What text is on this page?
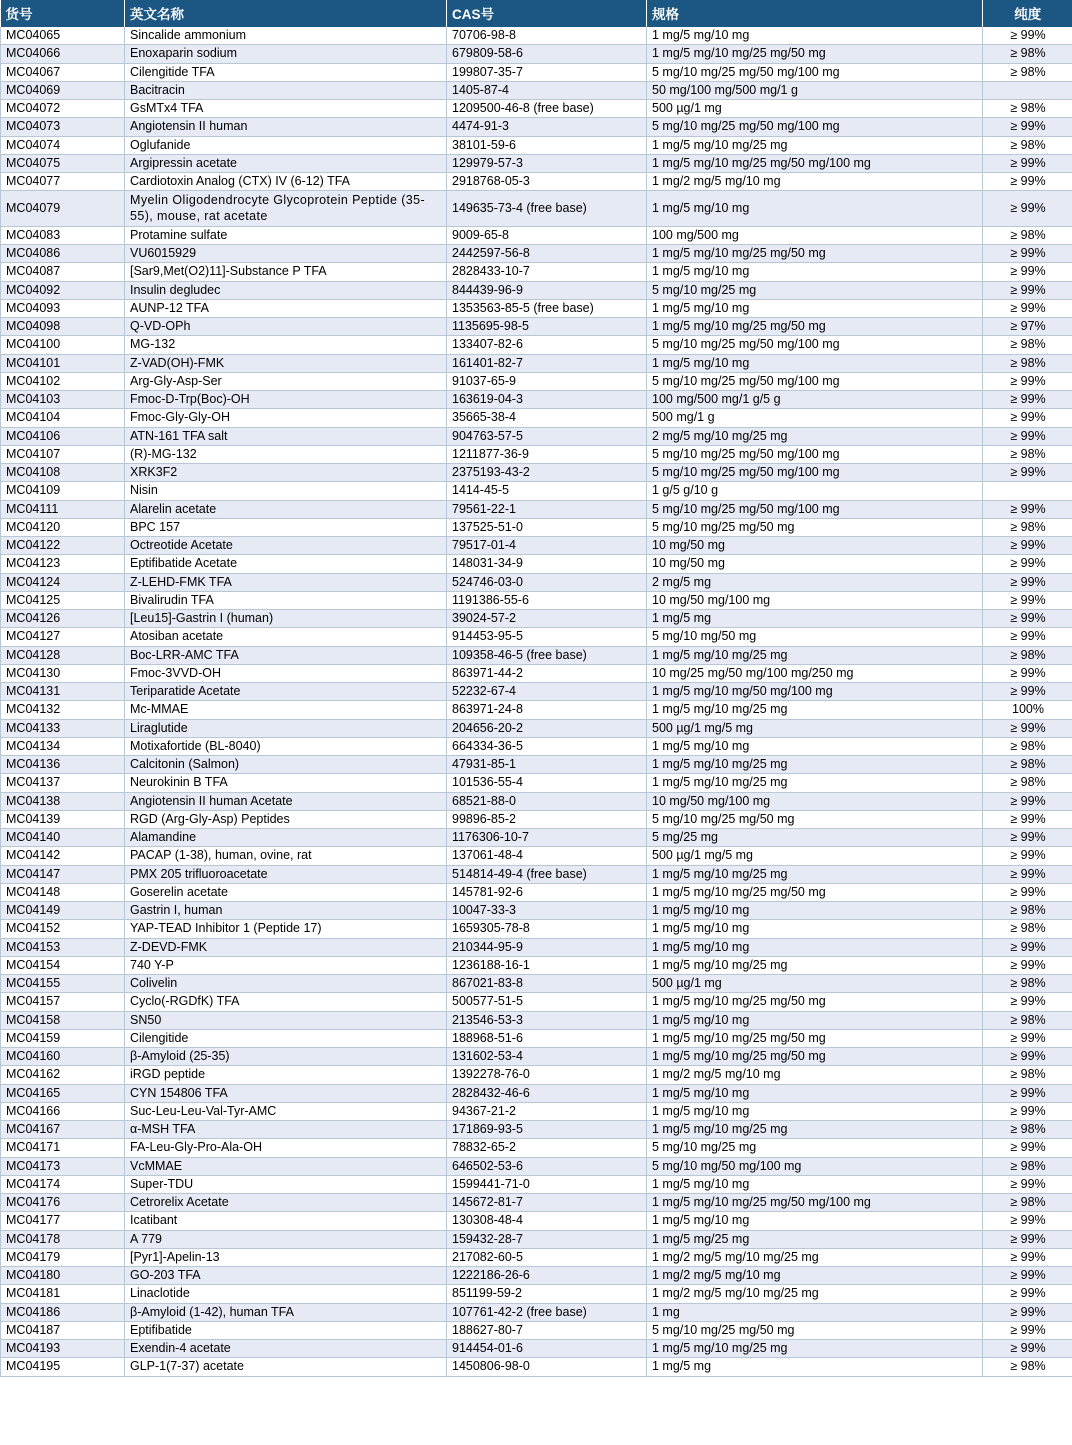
货号	英文名称	CAS号	规格	纯度
MC04065	Sincalide ammonium	70706-98-8	1 mg/5 mg/10 mg	≥ 99%
MC04066	Enoxaparin sodium	679809-58-6	1 mg/5 mg/10 mg/25 mg/50 mg	≥ 98%
MC04067	Cilengitide TFA	199807-35-7	5 mg/10 mg/25 mg/50 mg/100 mg	≥ 98%
MC04069	Bacitracin	1405-87-4	50 mg/100 mg/500 mg/1 g	
MC04072	GsMTx4 TFA	1209500-46-8 (free base)	500 µg/1 mg	≥ 98%
MC04073	Angiotensin II human	4474-91-3	5 mg/10 mg/25 mg/50 mg/100 mg	≥ 99%
MC04074	Oglufanide	38101-59-6	1 mg/5 mg/10 mg/25 mg	≥ 98%
MC04075	Argipressin acetate	129979-57-3	1 mg/5 mg/10 mg/25 mg/50 mg/100 mg	≥ 99%
MC04077	Cardiotoxin Analog (CTX) IV (6-12) TFA	2918768-05-3	1 mg/2 mg/5 mg/10 mg	≥ 99%
MC04079	Myelin Oligodendrocyte Glycoprotein Peptide (35-55), mouse, rat acetate	149635-73-4 (free base)	1 mg/5 mg/10 mg	≥ 99%
MC04083	Protamine sulfate	9009-65-8	100 mg/500 mg	≥ 98%
MC04086	VU6015929	2442597-56-8	1 mg/5 mg/10 mg/25 mg/50 mg	≥ 99%
MC04087	[Sar9,Met(O2)11]-Substance P TFA	2828433-10-7	1 mg/5 mg/10 mg	≥ 99%
MC04092	Insulin degludec	844439-96-9	5 mg/10 mg/25 mg	≥ 99%
MC04093	AUNP-12 TFA	1353563-85-5 (free base)	1 mg/5 mg/10 mg	≥ 99%
MC04098	Q-VD-OPh	1135695-98-5	1 mg/5 mg/10 mg/25 mg/50 mg	≥ 97%
MC04100	MG-132	133407-82-6	5 mg/10 mg/25 mg/50 mg/100 mg	≥ 98%
MC04101	Z-VAD(OH)-FMK	161401-82-7	1 mg/5 mg/10 mg	≥ 98%
MC04102	Arg-Gly-Asp-Ser	91037-65-9	5 mg/10 mg/25 mg/50 mg/100 mg	≥ 99%
MC04103	Fmoc-D-Trp(Boc)-OH	163619-04-3	100 mg/500 mg/1 g/5 g	≥ 99%
MC04104	Fmoc-Gly-Gly-OH	35665-38-4	500 mg/1 g	≥ 99%
MC04106	ATN-161 TFA salt	904763-57-5	2 mg/5 mg/10 mg/25 mg	≥ 99%
MC04107	(R)-MG-132	1211877-36-9	5 mg/10 mg/25 mg/50 mg/100 mg	≥ 98%
MC04108	XRK3F2	2375193-43-2	5 mg/10 mg/25 mg/50 mg/100 mg	≥ 99%
MC04109	Nisin	1414-45-5	1 g/5 g/10 g	
MC04111	Alarelin acetate	79561-22-1	5 mg/10 mg/25 mg/50 mg/100 mg	≥ 99%
MC04120	BPC 157	137525-51-0	5 mg/10 mg/25 mg/50 mg	≥ 98%
MC04122	Octreotide Acetate	79517-01-4	10 mg/50 mg	≥ 99%
MC04123	Eptifibatide Acetate	148031-34-9	10 mg/50 mg	≥ 99%
MC04124	Z-LEHD-FMK TFA	524746-03-0	2 mg/5 mg	≥ 99%
MC04125	Bivalirudin TFA	1191386-55-6	10 mg/50 mg/100 mg	≥ 99%
MC04126	[Leu15]-Gastrin I (human)	39024-57-2	1 mg/5 mg	≥ 99%
MC04127	Atosiban acetate	914453-95-5	5 mg/10 mg/50 mg	≥ 99%
MC04128	Boc-LRR-AMC TFA	109358-46-5 (free base)	1 mg/5 mg/10 mg/25 mg	≥ 98%
MC04130	Fmoc-3VVD-OH	863971-44-2	10 mg/25 mg/50 mg/100 mg/250 mg	≥ 99%
MC04131	Teriparatide Acetate	52232-67-4	1 mg/5 mg/10 mg/50 mg/100 mg	≥ 99%
MC04132	Mc-MMAE	863971-24-8	1 mg/5 mg/10 mg/25 mg	100%
MC04133	Liraglutide	204656-20-2	500 µg/1 mg/5 mg	≥ 99%
MC04134	Motixafortide (BL-8040)	664334-36-5	1 mg/5 mg/10 mg	≥ 98%
MC04136	Calcitonin (Salmon)	47931-85-1	1 mg/5 mg/10 mg/25 mg	≥ 98%
MC04137	Neurokinin B TFA	101536-55-4	1 mg/5 mg/10 mg/25 mg	≥ 98%
MC04138	Angiotensin II human Acetate	68521-88-0	10 mg/50 mg/100 mg	≥ 99%
MC04139	RGD (Arg-Gly-Asp) Peptides	99896-85-2	5 mg/10 mg/25 mg/50 mg	≥ 99%
MC04140	Alamandine	1176306-10-7	5 mg/25 mg	≥ 99%
MC04142	PACAP (1-38), human, ovine, rat	137061-48-4	500 µg/1 mg/5 mg	≥ 99%
MC04147	PMX 205 trifluoroacetate	514814-49-4 (free base)	1 mg/5 mg/10 mg/25 mg	≥ 99%
MC04148	Goserelin acetate	145781-92-6	1 mg/5 mg/10 mg/25 mg/50 mg	≥ 99%
MC04149	Gastrin I, human	10047-33-3	1 mg/5 mg/10 mg	≥ 98%
MC04152	YAP-TEAD Inhibitor 1 (Peptide 17)	1659305-78-8	1 mg/5 mg/10 mg	≥ 98%
MC04153	Z-DEVD-FMK	210344-95-9	1 mg/5 mg/10 mg	≥ 99%
MC04154	740 Y-P	1236188-16-1	1 mg/5 mg/10 mg/25 mg	≥ 99%
MC04155	Colivelin	867021-83-8	500 µg/1 mg	≥ 98%
MC04157	Cyclo(-RGDfK) TFA	500577-51-5	1 mg/5 mg/10 mg/25 mg/50 mg	≥ 99%
MC04158	SN50	213546-53-3	1 mg/5 mg/10 mg	≥ 98%
MC04159	Cilengitide	188968-51-6	1 mg/5 mg/10 mg/25 mg/50 mg	≥ 99%
MC04160	β-Amyloid (25-35)	131602-53-4	1 mg/5 mg/10 mg/25 mg/50 mg	≥ 99%
MC04162	iRGD peptide	1392278-76-0	1 mg/2 mg/5 mg/10 mg	≥ 98%
MC04165	CYN 154806 TFA	2828432-46-6	1 mg/5 mg/10 mg	≥ 99%
MC04166	Suc-Leu-Leu-Val-Tyr-AMC	94367-21-2	1 mg/5 mg/10 mg	≥ 99%
MC04167	α-MSH TFA	171869-93-5	1 mg/5 mg/10 mg/25 mg	≥ 98%
MC04171	FA-Leu-Gly-Pro-Ala-OH	78832-65-2	5 mg/10 mg/25 mg	≥ 99%
MC04173	VcMMAE	646502-53-6	5 mg/10 mg/50 mg/100 mg	≥ 98%
MC04174	Super-TDU	1599441-71-0	1 mg/5 mg/10 mg	≥ 99%
MC04176	Cetrorelix Acetate	145672-81-7	1 mg/5 mg/10 mg/25 mg/50 mg/100 mg	≥ 98%
MC04177	Icatibant	130308-48-4	1 mg/5 mg/10 mg	≥ 99%
MC04178	A 779	159432-28-7	1 mg/5 mg/25 mg	≥ 99%
MC04179	[Pyr1]-Apelin-13	217082-60-5	1 mg/2 mg/5 mg/10 mg/25 mg	≥ 99%
MC04180	GO-203 TFA	1222186-26-6	1 mg/2 mg/5 mg/10 mg	≥ 99%
MC04181	Linaclotide	851199-59-2	1 mg/2 mg/5 mg/10 mg/25 mg	≥ 99%
MC04186	β-Amyloid (1-42), human TFA	107761-42-2 (free base)	1 mg	≥ 99%
MC04187	Eptifibatide	188627-80-7	5 mg/10 mg/25 mg/50 mg	≥ 99%
MC04193	Exendin-4 acetate	914454-01-6	1 mg/5 mg/10 mg/25 mg	≥ 99%
MC04195	GLP-1(7-37) acetate	1450806-98-0	1 mg/5 mg	≥ 98%
